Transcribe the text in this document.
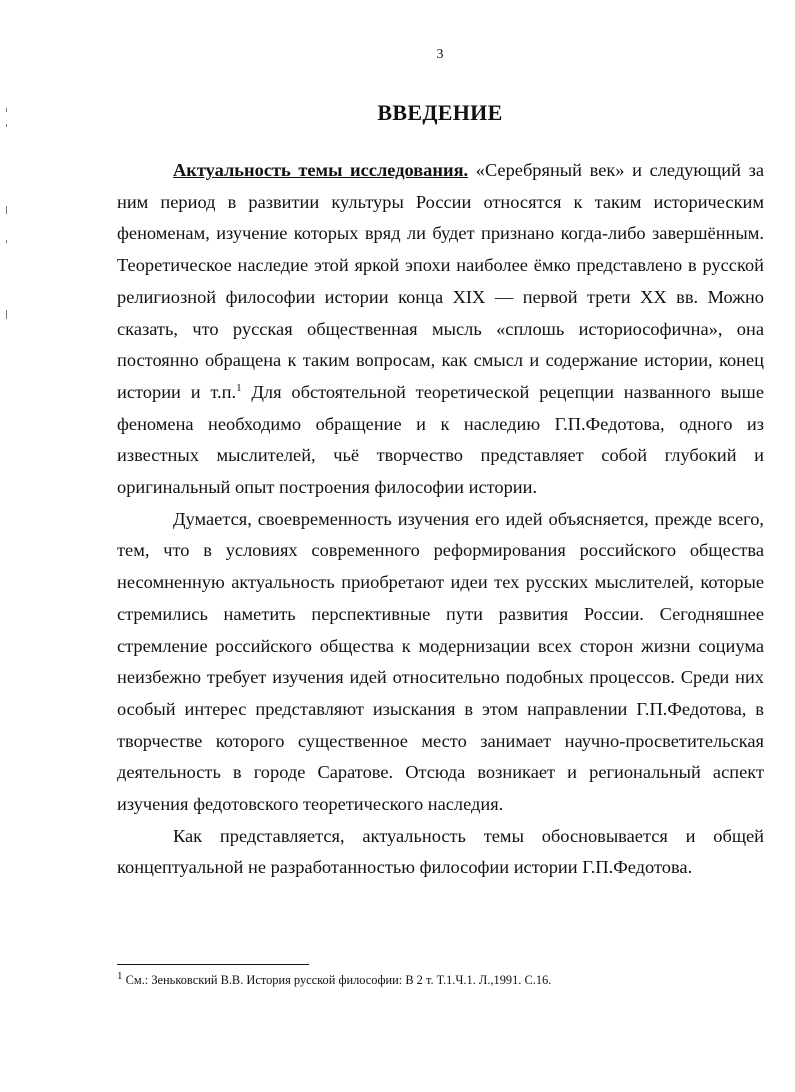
3
ВВЕДЕНИЕ

Актуальность темы исследования. «Серебряный век» и следующий за ним период в развитии культуры России относятся к таким историческим феноменам, изучение которых вряд ли будет признано когда-либо завершённым. Теоретическое наследие этой яркой эпохи наиболее ёмко представлено в русской религиозной философии истории конца XIX — первой трети XX вв. Можно сказать, что русская общественная мысль «сплошь историософична», она постоянно обращена к таким вопросам, как смысл и содержание истории, конец истории и т.п.$^1$ Для обстоятельной теоретической рецепции названного выше феномена необходимо обращение и к наследию Г.П.Федотова, одного из известных мыслителей, чьё творчество представляет собой глубокий и оригинальный опыт построения философии истории.

Думается, своевременность изучения его идей объясняется, прежде всего, тем, что в условиях современного реформирования российского общества несомненную актуальность приобретают идеи тех русских мыслителей, которые стремились наметить перспективные пути развития России. Сегодняшнее стремление российского общества к модернизации всех сторон жизни социума неизбежно требует изучения идей относительно подобных процессов. Среди них особый интерес представляют изыскания в этом направлении Г.П.Федотова, в творчестве которого существенное место занимает научно-просветительская деятельность в городе Саратове. Отсюда возникает и региональный аспект изучения федотовского теоретического наследия.

Как представляется, актуальность темы обосновывается и общей концептуальной не разработанностью философии истории Г.П.Федотова.

$^1$ См.: Зеньковский В.В. История русской философии: В 2 т. Т.1.Ч.1. Л.,1991. С.16.
